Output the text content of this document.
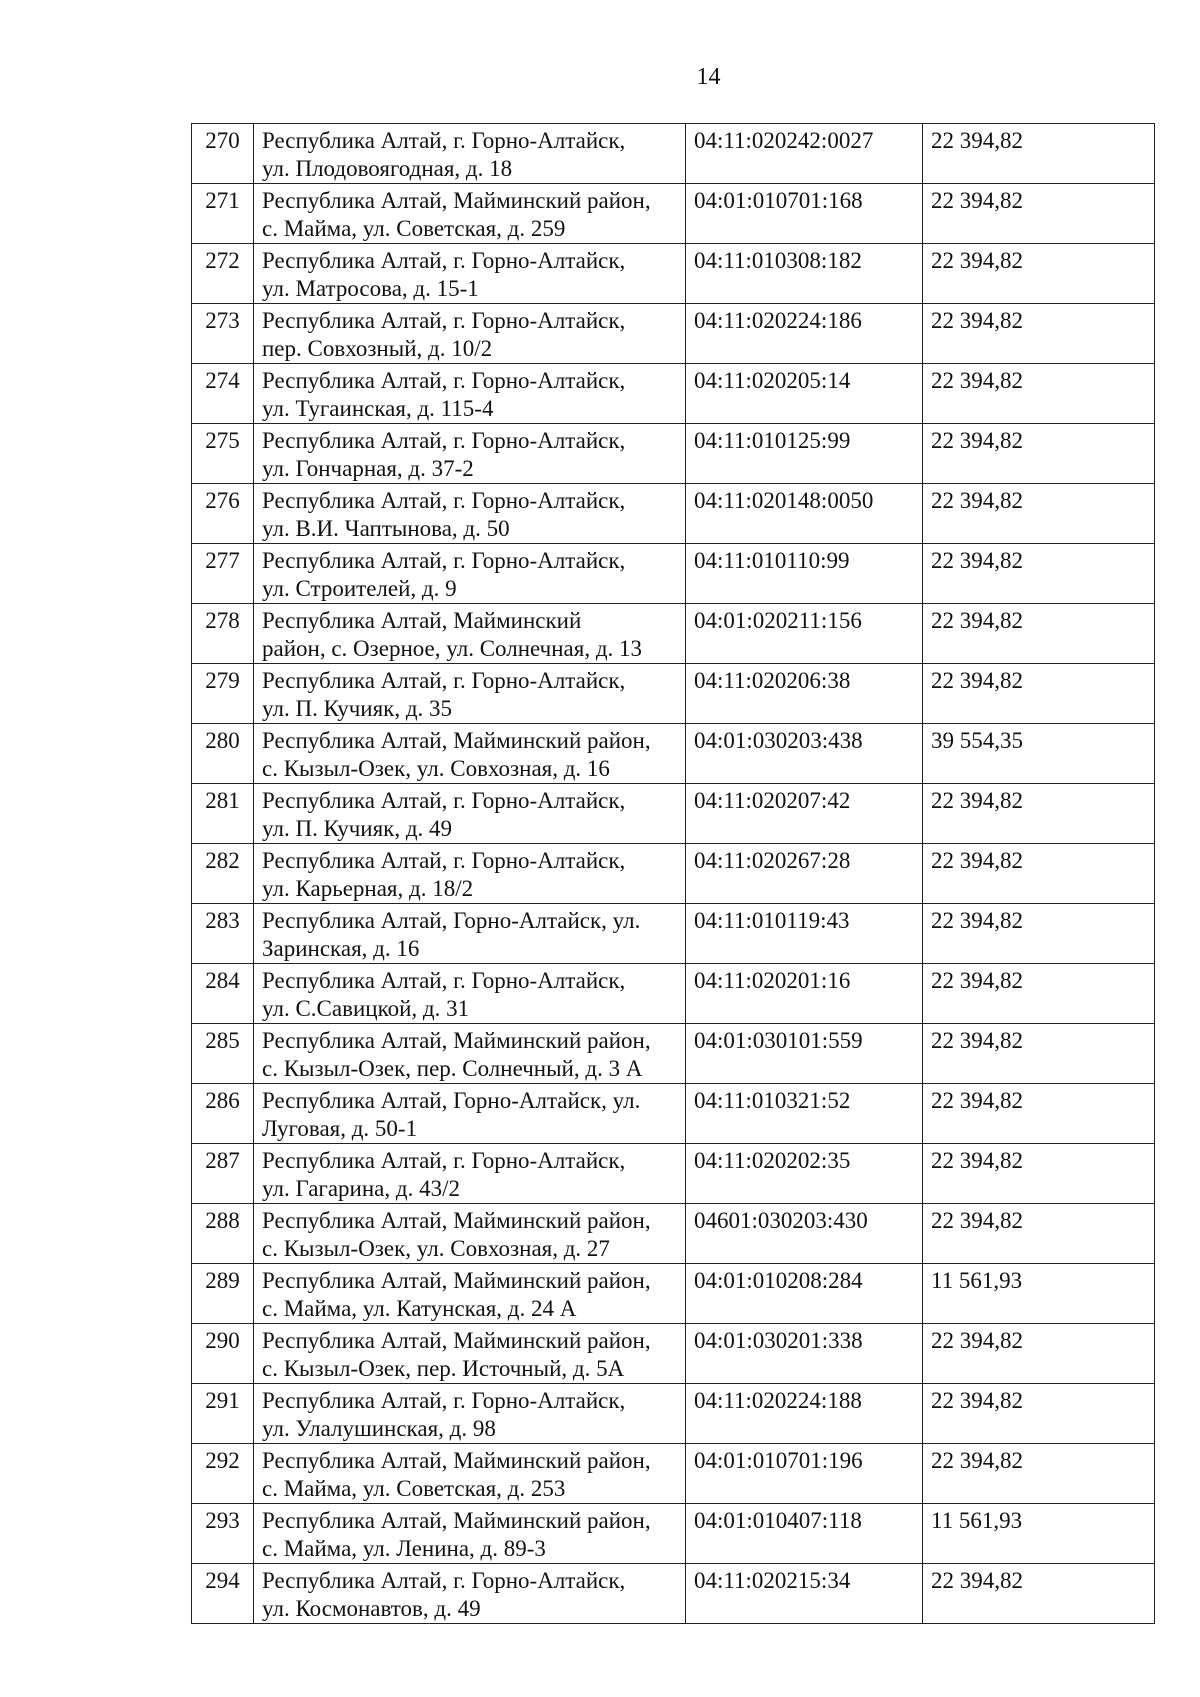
14
270	Республика Алтай, г. Горно-Алтайск,
ул. Плодовоягодная, д. 18	04:11:020242:0027	22 394,82
271	Республика Алтай, Майминский район,
с. Майма, ул. Советская, д. 259	04:01:010701:168	22 394,82
272	Республика Алтай, г. Горно-Алтайск,
ул. Матросова, д. 15-1	04:11:010308:182	22 394,82
273	Республика Алтай, г. Горно-Алтайск,
пер. Совхозный, д. 10/2	04:11:020224:186	22 394,82
274	Республика Алтай, г. Горно-Алтайск,
ул. Тугаинская, д. 115-4	04:11:020205:14	22 394,82
275	Республика Алтай, г. Горно-Алтайск,
ул. Гончарная, д. 37-2	04:11:010125:99	22 394,82
276	Республика Алтай, г. Горно-Алтайск,
ул. В.И. Чаптынова, д. 50	04:11:020148:0050	22 394,82
277	Республика Алтай, г. Горно-Алтайск,
ул. Строителей, д. 9	04:11:010110:99	22 394,82
278	Республика Алтай, Майминский
район, с. Озерное, ул. Солнечная, д. 13	04:01:020211:156	22 394,82
279	Республика Алтай, г. Горно-Алтайск,
ул. П. Кучияк, д. 35	04:11:020206:38	22 394,82
280	Республика Алтай, Майминский район,
с. Кызыл-Озек, ул. Совхозная, д. 16	04:01:030203:438	39 554,35
281	Республика Алтай, г. Горно-Алтайск,
ул. П. Кучияк, д. 49	04:11:020207:42	22 394,82
282	Республика Алтай, г. Горно-Алтайск,
ул. Карьерная, д. 18/2	04:11:020267:28	22 394,82
283	Республика Алтай, Горно-Алтайск, ул.
Заринская, д. 16	04:11:010119:43	22 394,82
284	Республика Алтай, г. Горно-Алтайск,
ул. С.Савицкой, д. 31	04:11:020201:16	22 394,82
285	Республика Алтай, Майминский район,
с. Кызыл-Озек, пер. Солнечный, д. 3 А	04:01:030101:559	22 394,82
286	Республика Алтай, Горно-Алтайск, ул.
Луговая, д. 50-1	04:11:010321:52	22 394,82
287	Республика Алтай, г. Горно-Алтайск,
ул. Гагарина, д. 43/2	04:11:020202:35	22 394,82
288	Республика Алтай, Майминский район,
с. Кызыл-Озек, ул. Совхозная, д. 27	04601:030203:430	22 394,82
289	Республика Алтай, Майминский район,
с. Майма, ул. Катунская, д. 24 А	04:01:010208:284	11 561,93
290	Республика Алтай, Майминский район,
с. Кызыл-Озек, пер. Источный, д. 5А	04:01:030201:338	22 394,82
291	Республика Алтай, г. Горно-Алтайск,
ул. Улалушинская, д. 98	04:11:020224:188	22 394,82
292	Республика Алтай, Майминский район,
с. Майма, ул. Советская, д. 253	04:01:010701:196	22 394,82
293	Республика Алтай, Майминский район,
с. Майма, ул. Ленина, д. 89-3	04:01:010407:118	11 561,93
294	Республика Алтай, г. Горно-Алтайск,
ул. Космонавтов, д. 49	04:11:020215:34	22 394,82
